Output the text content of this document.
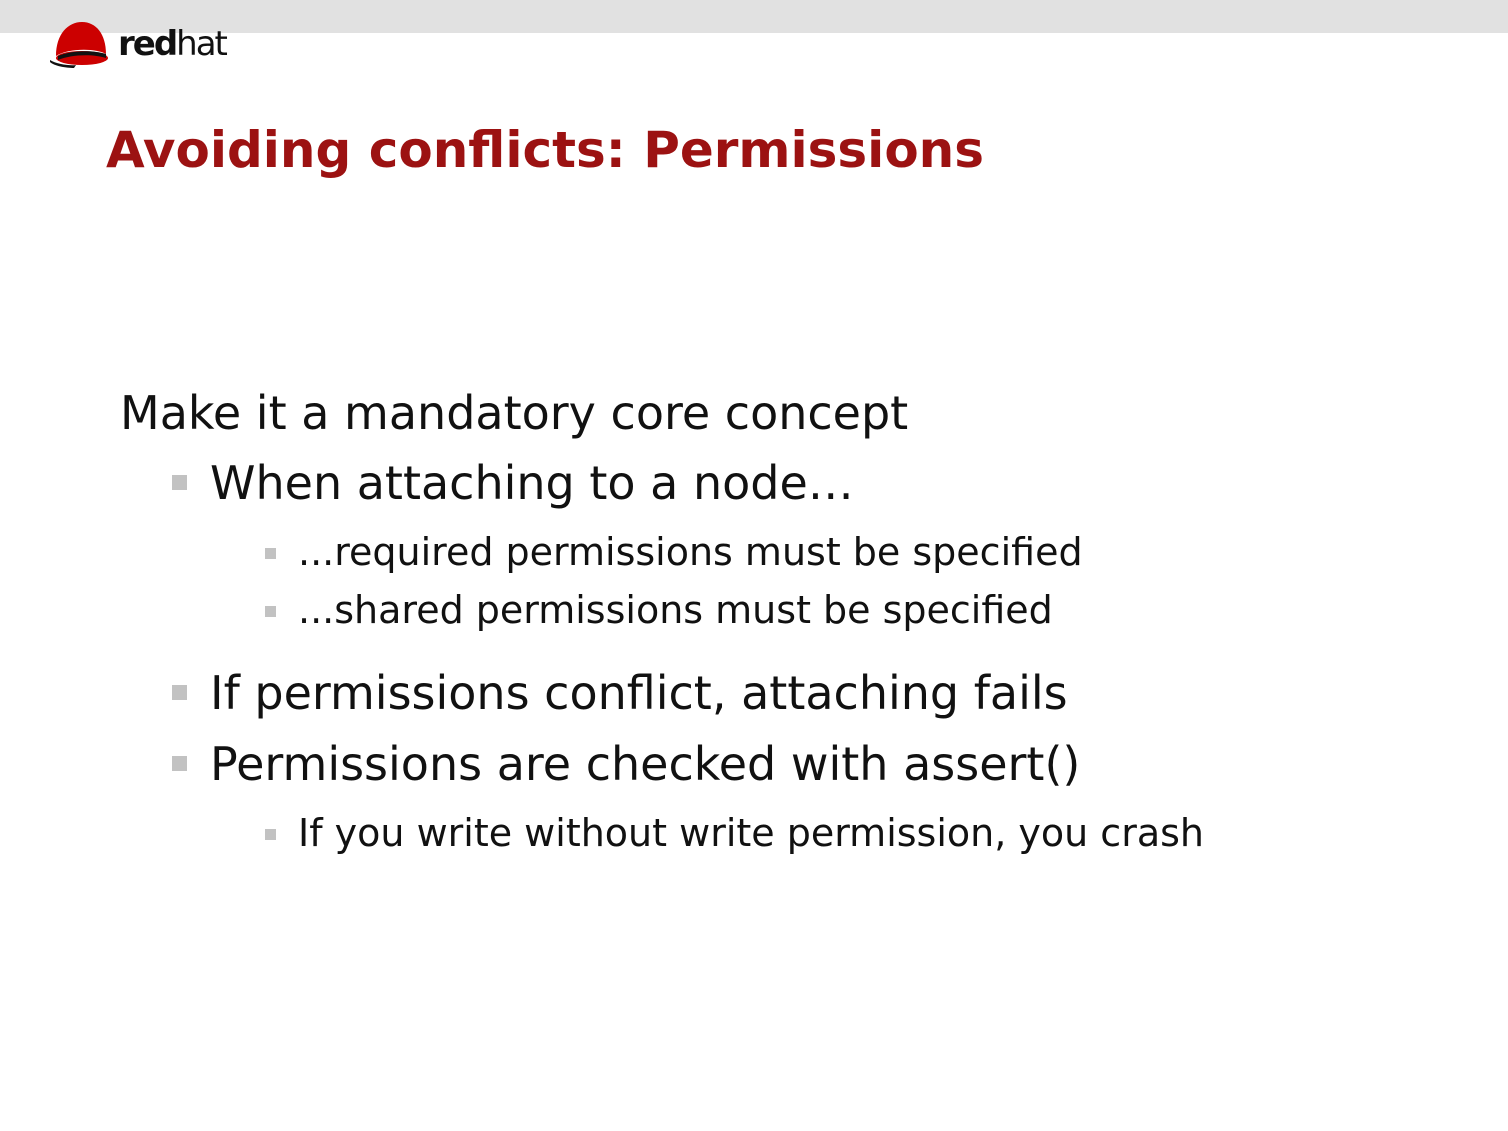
redhat
Avoiding conflicts: Permissions

Make it a mandatory core concept

When attaching to a node…

...required permissions must be specified

...shared permissions must be specified

If permissions conflict, attaching fails

Permissions are checked with assert()

If you write without write permission, you crash
